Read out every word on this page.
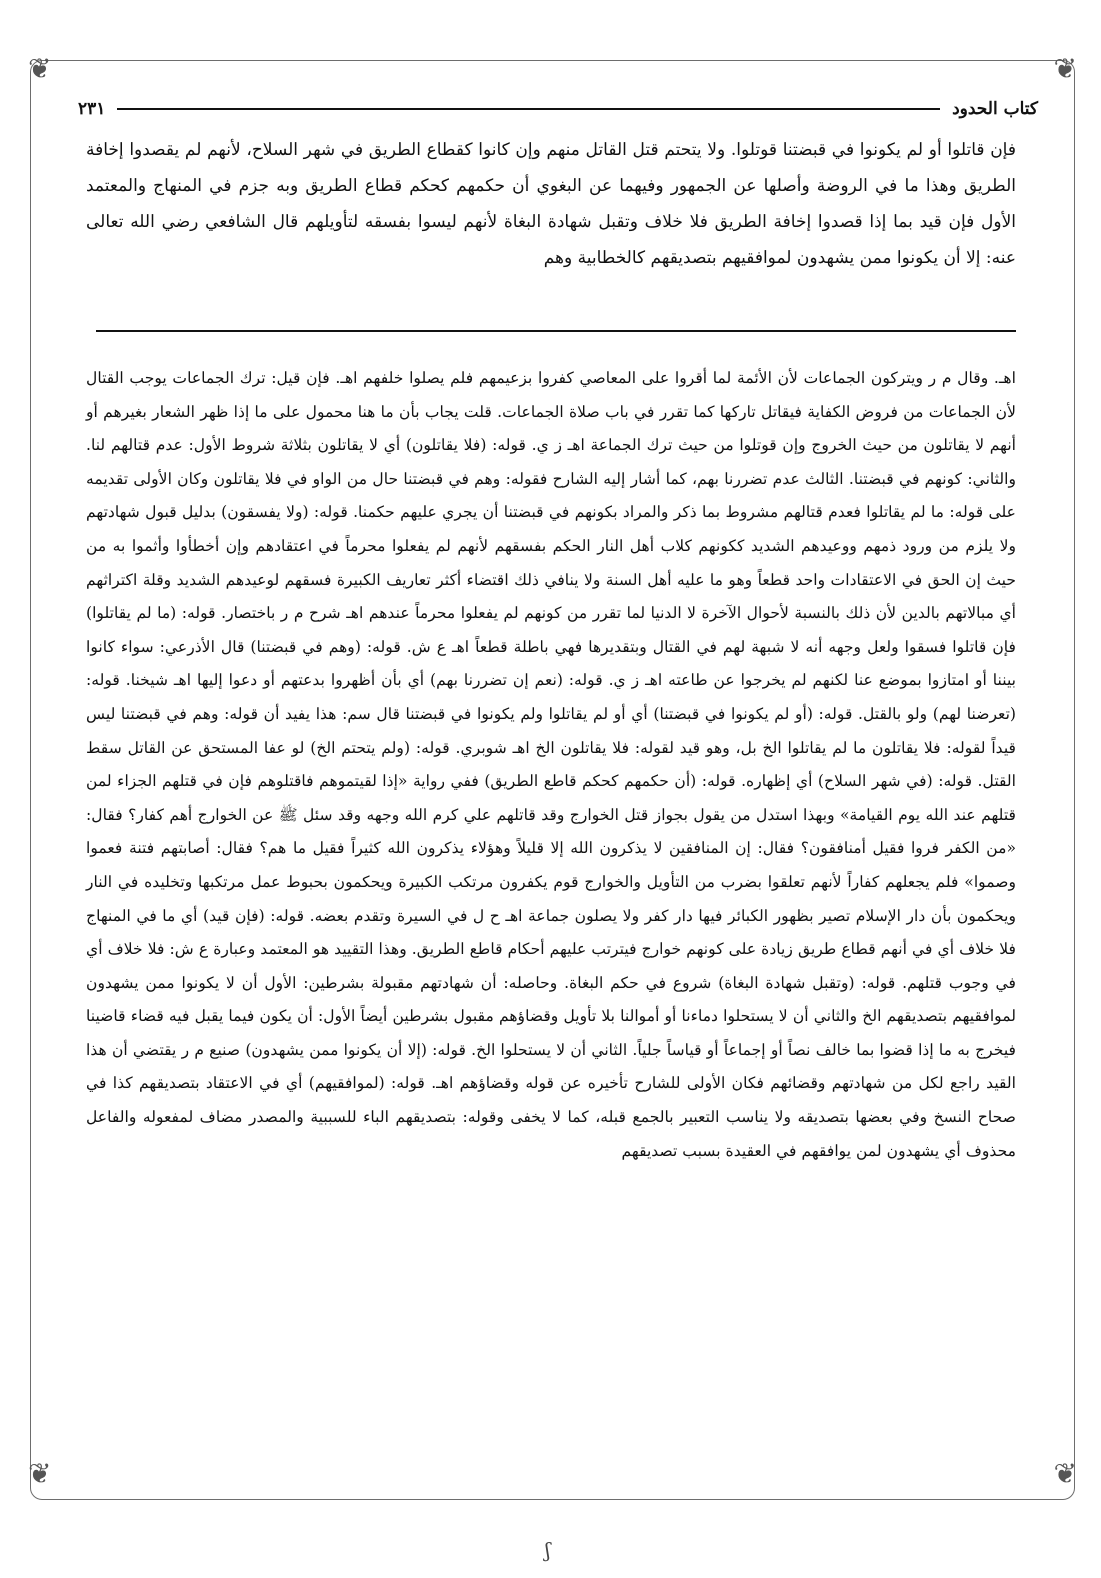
❦
❦
❦
❦
كتاب الحدود
٢٣١

فإن قاتلوا أو لم يكونوا في قبضتنا قوتلوا. ولا يتحتم قتل القاتل منهم وإن كانوا كقطاع الطريق في شهر السلاح، لأنهم لم يقصدوا إخافة الطريق وهذا ما في الروضة وأصلها عن الجمهور وفيهما عن البغوي أن حكمهم كحكم قطاع الطريق وبه جزم في المنهاج والمعتمد الأول فإن قيد بما إذا قصدوا إخافة الطريق فلا خلاف وتقبل شهادة البغاة لأنهم ليسوا بفسقه لتأويلهم قال الشافعي رضي الله تعالى عنه: إلا أن يكونوا ممن يشهدون لموافقيهم بتصديقهم كالخطابية وهم

اهـ. وقال م ر ويتركون الجماعات لأن الأئمة لما أقروا على المعاصي كفروا بزعيمهم فلم يصلوا خلفهم اهـ. فإن قيل: ترك الجماعات يوجب القتال لأن الجماعات من فروض الكفاية فيقاتل تاركها كما تقرر في باب صلاة الجماعات. قلت يجاب بأن ما هنا محمول على ما إذا ظهر الشعار بغيرهم أو أنهم لا يقاتلون من حيث الخروج وإن قوتلوا من حيث ترك الجماعة اهـ ز ي. قوله: (فلا يقاتلون) أي لا يقاتلون بثلاثة شروط الأول: عدم قتالهم لنا. والثاني: كونهم في قبضتنا. الثالث عدم تضررنا بهم، كما أشار إليه الشارح فقوله: وهم في قبضتنا حال من الواو في فلا يقاتلون وكان الأولى تقديمه على قوله: ما لم يقاتلوا فعدم قتالهم مشروط بما ذكر والمراد بكونهم في قبضتنا أن يجري عليهم حكمنا. قوله: (ولا يفسقون) بدليل قبول شهادتهم ولا يلزم من ورود ذمهم ووعيدهم الشديد ككونهم كلاب أهل النار الحكم بفسقهم لأنهم لم يفعلوا محرماً في اعتقادهم وإن أخطأوا وأثموا به من حيث إن الحق في الاعتقادات واحد قطعاً وهو ما عليه أهل السنة ولا ينافي ذلك اقتضاء أكثر تعاريف الكبيرة فسقهم لوعيدهم الشديد وقلة اكتراثهم أي مبالاتهم بالدين لأن ذلك بالنسبة لأحوال الآخرة لا الدنيا لما تقرر من كونهم لم يفعلوا محرماً عندهم اهـ شرح م ر باختصار. قوله: (ما لم يقاتلوا) فإن قاتلوا فسقوا ولعل وجهه أنه لا شبهة لهم في القتال وبتقديرها فهي باطلة قطعاً اهـ ع ش. قوله: (وهم في قبضتنا) قال الأذرعي: سواء كانوا بيننا أو امتازوا بموضع عنا لكنهم لم يخرجوا عن طاعته اهـ ز ي. قوله: (نعم إن تضررنا بهم) أي بأن أظهروا بدعتهم أو دعوا إليها اهـ شيخنا. قوله: (تعرضنا لهم) ولو بالقتل. قوله: (أو لم يكونوا في قبضتنا) أي أو لم يقاتلوا ولم يكونوا في قبضتنا قال سم: هذا يفيد أن قوله: وهم في قبضتنا ليس قيداً لقوله: فلا يقاتلون ما لم يقاتلوا الخ بل، وهو قيد لقوله: فلا يقاتلون الخ اهـ شوبري. قوله: (ولم يتحتم الخ) لو عفا المستحق عن القاتل سقط القتل. قوله: (في شهر السلاح) أي إظهاره. قوله: (أن حكمهم كحكم قاطع الطريق) ففي رواية «إذا لقيتموهم فاقتلوهم فإن في قتلهم الجزاء لمن قتلهم عند الله يوم القيامة» وبهذا استدل من يقول بجواز قتل الخوارج وقد قاتلهم علي كرم الله وجهه وقد سئل ﷺ عن الخوارج أهم كفار؟ فقال: «من الكفر فروا فقيل أمنافقون؟ فقال: إن المنافقين لا يذكرون الله إلا قليلاً وهؤلاء يذكرون الله كثيراً فقيل ما هم؟ فقال: أصابتهم فتنة فعموا وصموا» فلم يجعلهم كفاراً لأنهم تعلقوا بضرب من التأويل والخوارج قوم يكفرون مرتكب الكبيرة ويحكمون بحبوط عمل مرتكبها وتخليده في النار ويحكمون بأن دار الإسلام تصير بظهور الكبائر فيها دار كفر ولا يصلون جماعة اهـ ح ل في السيرة وتقدم بعضه. قوله: (فإن قيد) أي ما في المنهاج فلا خلاف أي في أنهم قطاع طريق زيادة على كونهم خوارج فيترتب عليهم أحكام قاطع الطريق. وهذا التقييد هو المعتمد وعبارة ع ش: فلا خلاف أي في وجوب قتلهم. قوله: (وتقبل شهادة البغاة) شروع في حكم البغاة. وحاصله: أن شهادتهم مقبولة بشرطين: الأول أن لا يكونوا ممن يشهدون لموافقيهم بتصديقهم الخ والثاني أن لا يستحلوا دماءنا أو أموالنا بلا تأويل وقضاؤهم مقبول بشرطين أيضاً الأول: أن يكون فيما يقبل فيه قضاء قاضينا فيخرج به ما إذا قضوا بما خالف نصاً أو إجماعاً أو قياساً جلياً. الثاني أن لا يستحلوا الخ. قوله: (إلا أن يكونوا ممن يشهدون) صنيع م ر يقتضي أن هذا القيد راجع لكل من شهادتهم وقضائهم فكان الأولى للشارح تأخيره عن قوله وقضاؤهم اهـ. قوله: (لموافقيهم) أي في الاعتقاد بتصديقهم كذا في صحاح النسخ وفي بعضها بتصديقه ولا يناسب التعبير بالجمع قبله، كما لا يخفى وقوله: بتصديقهم الباء للسببية والمصدر مضاف لمفعوله والفاعل محذوف أي يشهدون لمن يوافقهم في العقيدة بسبب تصديقهم

ʃ
